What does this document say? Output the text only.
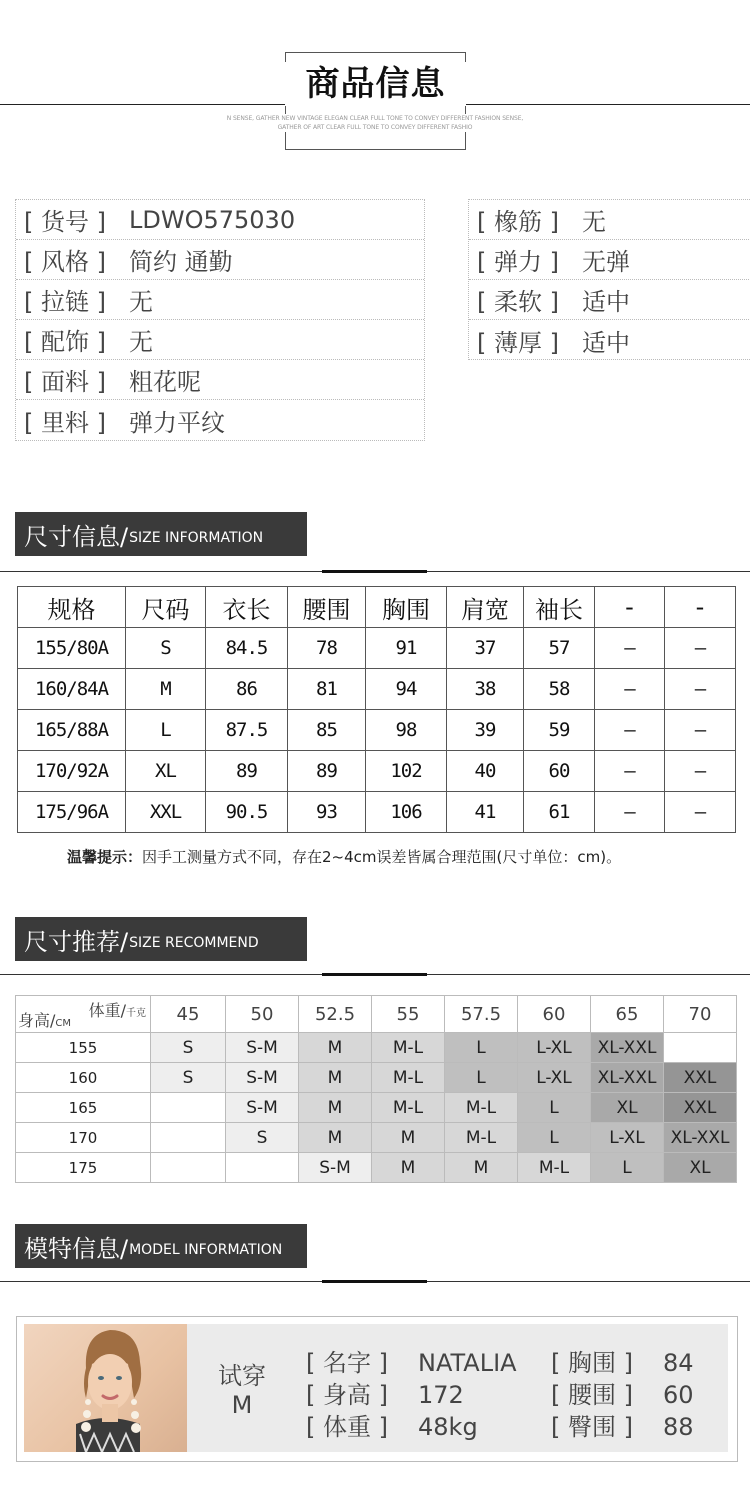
商品信息
N SENSE, GATHER NEW VINTAGE ELEGAN CLEAR FULL TONE TO CONVEY DIFFERENT FASHION SENSE, GATHER OF ART CLEAR FULL TONE TO CONVEY DIFFERENT FASHIO
[ 货号 ] LDWO575030
[ 风格 ] 简约 通勤
[ 拉链 ] 无
[ 配饰 ] 无
[ 面料 ] 粗花呢
[ 里料 ] 弹力平纹
[ 橡筋 ] 无
[ 弹力 ] 无弹
[ 柔软 ] 适中
[ 薄厚 ] 适中
尺寸信息/ SIZE INFORMATION
规格	尺码	衣长	腰围	胸围	肩宽	袖长	-	-
155/80A	S	84.5	78	91	37	57	—	—
160/84A	M	86	81	94	38	58	—	—
165/88A	L	87.5	85	98	39	59	—	—
170/92A	XL	89	89	102	40	60	—	—
175/96A	XXL	90.5	93	106	41	61	—	—
温馨提示：因手工测量方式不同，存在2~4cm误差皆属合理范围(尺寸单位：cm)。
尺寸推荐/ SIZE RECOMMEND
体重/千克
身高/CM	45	50	52.5	55	57.5	60	65	70
155	S	S-M	M	M-L	L	L-XL	XL-XXL	
160	S	S-M	M	M-L	L	L-XL	XL-XXL	XXL
165		S-M	M	M-L	M-L	L	XL	XXL
170		S	M	M	M-L	L	L-XL	XL-XXL
175			S-M	M	M	M-L	L	XL
模特信息/ MODEL INFORMATION
试穿
M
[ 名字 ] NATALIA
[ 身高 ] 172
[ 体重 ] 48kg
[ 胸围 ] 84
[ 腰围 ] 60
[ 臀围 ] 88
